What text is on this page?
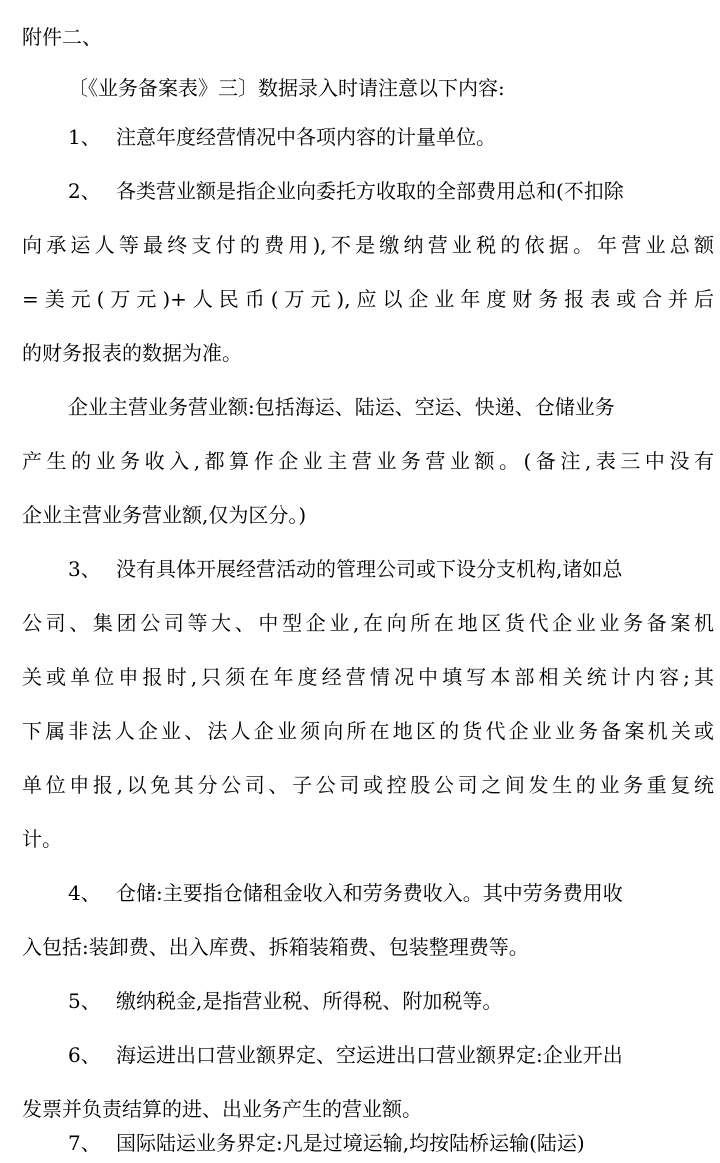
附件二、
〔《业务备案表》三〕数据录入时请注意以下内容:
1、 注意年度经营情况中各项内容的计量单位。
2、 各类营业额是指企业向委托方收取的全部费用总和(不扣除
向承运人等最终支付的费用),不是缴纳营业税的依据。年营业总额
=美元(万元)+人民币(万元),应以企业年度财务报表或合并后
的财务报表的数据为准。
企业主营业务营业额:包括海运、陆运、空运、快递、仓储业务
产生的业务收入,都算作企业主营业务营业额。(备注,表三中没有
企业主营业务营业额,仅为区分。)
3、 没有具体开展经营活动的管理公司或下设分支机构,诸如总
公司、集团公司等大、中型企业,在向所在地区货代企业业务备案机
关或单位申报时,只须在年度经营情况中填写本部相关统计内容;其
下属非法人企业、法人企业须向所在地区的货代企业业务备案机关或
单位申报,以免其分公司、子公司或控股公司之间发生的业务重复统
计。
4、 仓储:主要指仓储租金收入和劳务费收入。其中劳务费用收
入包括:装卸费、出入库费、拆箱装箱费、包装整理费等。
5、 缴纳税金,是指营业税、所得税、附加税等。
6、 海运进出口营业额界定、空运进出口营业额界定:企业开出
发票并负责结算的进、出业务产生的营业额。
7、 国际陆运业务界定:凡是过境运输,均按陆桥运输(陆运)
